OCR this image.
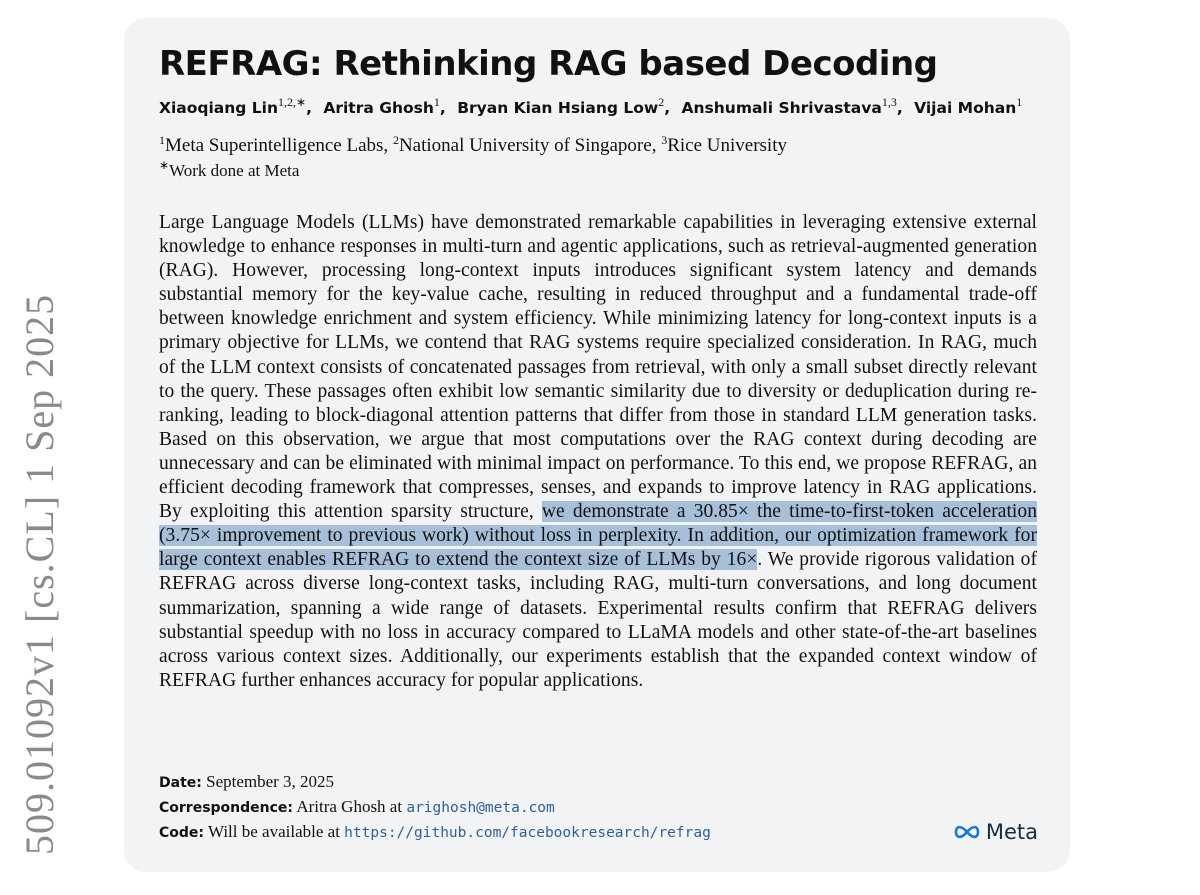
509.01092v1 [cs.CL] 1 Sep 2025
REFRAG: Rethinking RAG based Decoding
Xiaoqiang Lin$^{1,2,∗}$, Aritra Ghosh$^1$, Bryan Kian Hsiang Low$^2$, Anshumali Shrivastava$^{1,3}$, Vijai Mohan$^1$
$^1$Meta Superintelligence Labs, $^2$National University of Singapore, $^3$Rice University
∗Work done at Meta
Large Language Models (LLMs) have demonstrated remarkable capabilities in leveraging extensive external knowledge to enhance responses in multi-turn and agentic applications, such as retrieval-augmented generation (RAG). However, processing long-context inputs introduces significant system latency and demands substantial memory for the key-value cache, resulting in reduced throughput and a fundamental trade-off between knowledge enrichment and system efficiency. While minimizing latency for long-context inputs is a primary objective for LLMs, we contend that RAG systems require specialized consideration. In RAG, much of the LLM context consists of concatenated passages from retrieval, with only a small subset directly relevant to the query. These passages often exhibit low semantic similarity due to diversity or deduplication during re-ranking, leading to block-diagonal attention patterns that differ from those in standard LLM generation tasks. Based on this observation, we argue that most computations over the RAG context during decoding are unnecessary and can be eliminated with minimal impact on performance. To this end, we propose REFRAG, an efficient decoding framework that compresses, senses, and expands to improve latency in RAG applications. By exploiting this attention sparsity structure, we demonstrate a 30.85× the time-to-first-token acceleration (3.75× improvement to previous work) without loss in perplexity. In addition, our optimization framework for large context enables REFRAG to extend the context size of LLMs by 16×. We provide rigorous validation of REFRAG across diverse long-context tasks, including RAG, multi-turn conversations, and long document summarization, spanning a wide range of datasets. Experimental results confirm that REFRAG delivers substantial speedup with no loss in accuracy compared to LLaMA models and other state-of-the-art baselines across various context sizes. Additionally, our experiments establish that the expanded context window of REFRAG further enhances accuracy for popular applications.
Date: September 3, 2025
Correspondence: Aritra Ghosh at arighosh@meta.com
Code: Will be available at https://github.com/facebookresearch/refrag	Meta
